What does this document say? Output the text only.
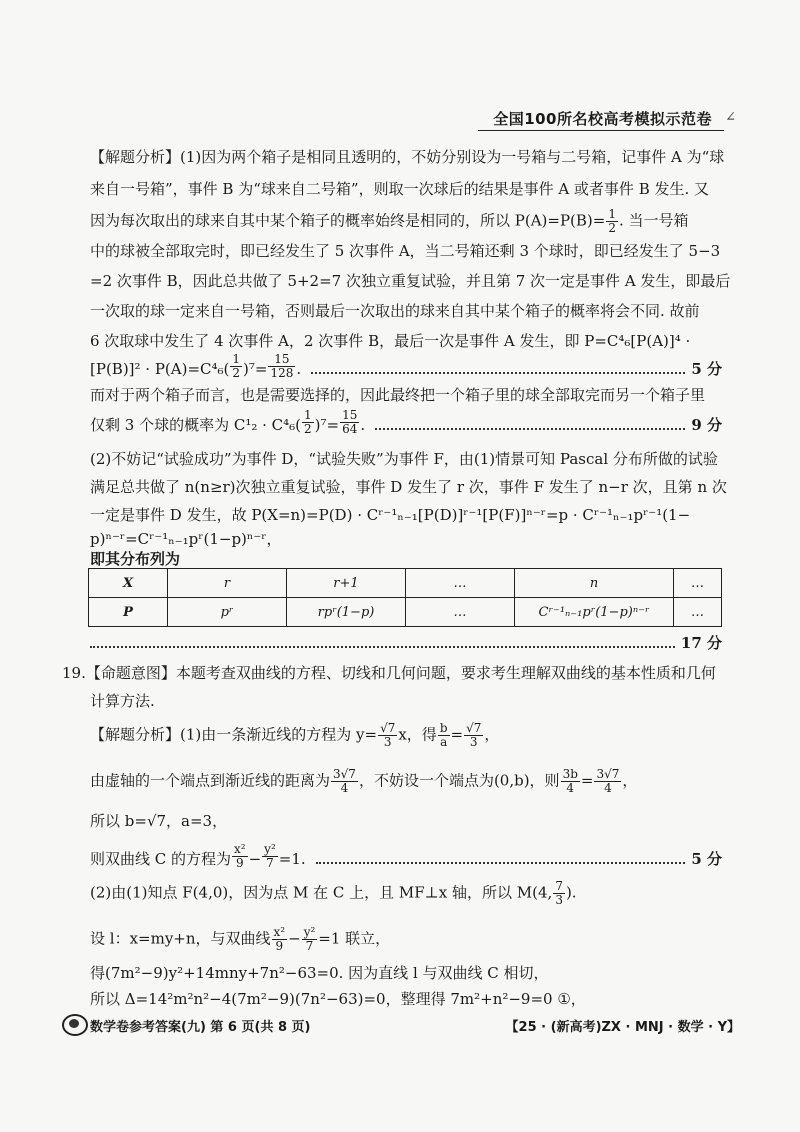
全国100所名校高考模拟示范卷 ∠
【解题分析】(1)因为两个箱子是相同且透明的，不妨分别设为一号箱与二号箱，记事件 A 为“球
来自一号箱”，事件 B 为“球来自二号箱”，则取一次球后的结果是事件 A 或者事件 B 发生. 又
因为每次取出的球来自其中某个箱子的概率始终是相同的，所以 $P(A)=P(B)= \frac{1}{2}$ . 当一号箱
中的球被全部取完时，即已经发生了 5 次事件 A，当二号箱还剩 3 个球时，即已经发生了 5−3
=2 次事件 B，因此总共做了 5+2=7 次独立重复试验，并且第 7 次一定是事件 A 发生，即最后
一次取的球一定来自一号箱，否则最后一次取出的球来自其中某个箱子的概率将会不同. 故前
6 次取球中发生了 4 次事件 A，2 次事件 B，最后一次是事件 A 发生，即 P=C⁴₆[P(A)]⁴ ·
$[P(B)]^2 \cdot P(A)=C^4_6( \frac{1}{2} )^7= \frac{15}{128}$ .	5 分
而对于两个箱子而言，也是需要选择的，因此最终把一个箱子里的球全部取完而另一个箱子里
仅剩 3 个球的概率为 $C^1_2 \cdot C^4_6( \frac{1}{2} )^7= \frac{15}{64}$ .	9 分
(2)不妨记“试验成功”为事件 D，“试验失败”为事件 F，由(1)情景可知 Pascal 分布所做的试验
满足总共做了 n(n≥r)次独立重复试验，事件 D 发生了 r 次，事件 F 发生了 n−r 次，且第 n 次
一定是事件 D 发生，故 P(X=n)=P(D) · Cʳ⁻¹ₙ₋₁[P(D)]ʳ⁻¹[P(F)]ⁿ⁻ʳ=p · Cʳ⁻¹ₙ₋₁pʳ⁻¹(1−
p)ⁿ⁻ʳ=Cʳ⁻¹ₙ₋₁pʳ(1−p)ⁿ⁻ʳ，
即其分布列为
X	r	r+1	…	n	…
P	pʳ	rpʳ(1−p)	…	Cʳ⁻¹ₙ₋₁pʳ(1−p)ⁿ⁻ʳ	…
17 分
19.【命题意图】本题考查双曲线的方程、切线和几何问题，要求考生理解双曲线的基本性质和几何
计算方法.
【解题分析】(1)由一条渐近线的方程为 $y= \frac{√7}{3}$ x，得 $\frac{b}{a} = \frac{√7}{3}$ ，
由虚轴的一个端点到渐近线的距离为 $\frac{3√7}{4}$ ，不妨设一个端点为(0,b)，则 $\frac{3b}{4} = \frac{3√7}{4}$ ，
所以 b=√7，a=3，
则双曲线 C 的方程为 $\frac{\text{x²}}{9} - \frac{\text{y²}}{7} =1$.	5 分
(2)由(1)知点 F(4,0)，因为点 M 在 C 上，且 MF⊥x 轴，所以 M(4, $\frac{7}{3}$ ).
设 l：x=my+n，与双曲线 $\frac{\text{x²}}{9} - \frac{\text{y²}}{7} =1$ 联立，
得(7m²−9)y²+14mny+7n²−63=0. 因为直线 l 与双曲线 C 相切，
所以 Δ=14²m²n²−4(7m²−9)(7n²−63)=0，整理得 7m²+n²−9=0 ①，
数学卷参考答案(九) 第 6 页(共 8 页)	【25 · (新高考)ZX · MNJ · 数学 · Y】
